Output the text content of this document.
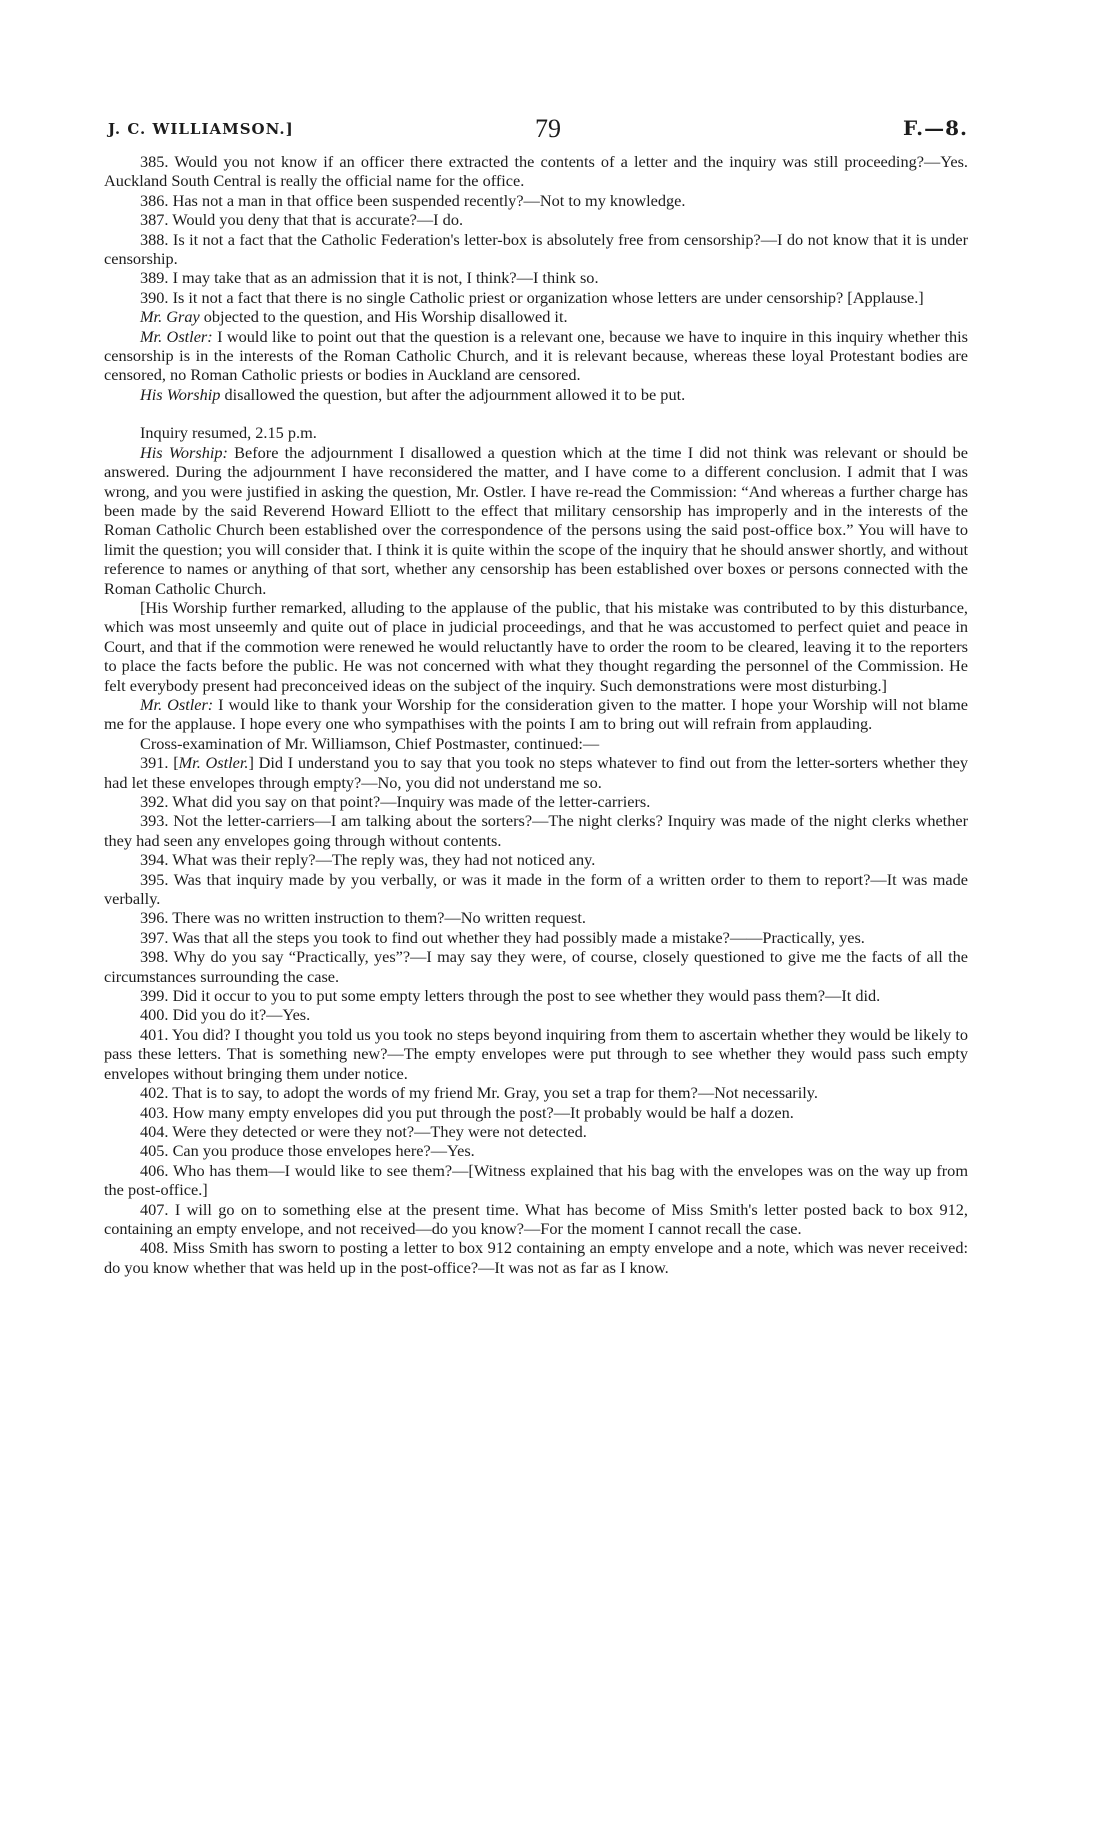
J. C. WILLIAMSON.]	79	F.—8.

385. Would you not know if an officer there extracted the contents of a letter and the inquiry was still proceeding?—Yes. Auckland South Central is really the official name for the office.

386. Has not a man in that office been suspended recently?—Not to my knowledge.

387. Would you deny that that is accurate?—I do.

388. Is it not a fact that the Catholic Federation's letter-box is absolutely free from censorship?—I do not know that it is under censorship.

389. I may take that as an admission that it is not, I think?—I think so.

390. Is it not a fact that there is no single Catholic priest or organization whose letters are under censorship? [Applause.]

Mr. Gray objected to the question, and His Worship disallowed it.

Mr. Ostler: I would like to point out that the question is a relevant one, because we have to inquire in this inquiry whether this censorship is in the interests of the Roman Catholic Church, and it is relevant because, whereas these loyal Protestant bodies are censored, no Roman Catholic priests or bodies in Auckland are censored.

His Worship disallowed the question, but after the adjournment allowed it to be put.

Inquiry resumed, 2.15 p.m.

His Worship: Before the adjournment I disallowed a question which at the time I did not think was relevant or should be answered. During the adjournment I have reconsidered the matter, and I have come to a different conclusion. I admit that I was wrong, and you were justified in asking the question, Mr. Ostler. I have re-read the Commission: “And whereas a further charge has been made by the said Reverend Howard Elliott to the effect that military censorship has improperly and in the interests of the Roman Catholic Church been established over the correspondence of the persons using the said post-office box.” You will have to limit the question; you will consider that. I think it is quite within the scope of the inquiry that he should answer shortly, and without reference to names or anything of that sort, whether any censorship has been established over boxes or persons connected with the Roman Catholic Church.

[His Worship further remarked, alluding to the applause of the public, that his mistake was contributed to by this disturbance, which was most unseemly and quite out of place in judicial proceedings, and that he was accustomed to perfect quiet and peace in Court, and that if the commotion were renewed he would reluctantly have to order the room to be cleared, leaving it to the reporters to place the facts before the public. He was not concerned with what they thought regarding the personnel of the Commission. He felt everybody present had preconceived ideas on the subject of the inquiry. Such demonstrations were most disturbing.]

Mr. Ostler: I would like to thank your Worship for the consideration given to the matter. I hope your Worship will not blame me for the applause. I hope every one who sympathises with the points I am to bring out will refrain from applauding.

Cross-examination of Mr. Williamson, Chief Postmaster, continued:—

391. [Mr. Ostler.] Did I understand you to say that you took no steps whatever to find out from the letter-sorters whether they had let these envelopes through empty?—No, you did not understand me so.

392. What did you say on that point?—Inquiry was made of the letter-carriers.

393. Not the letter-carriers—I am talking about the sorters?—The night clerks? Inquiry was made of the night clerks whether they had seen any envelopes going through without contents.

394. What was their reply?—The reply was, they had not noticed any.

395. Was that inquiry made by you verbally, or was it made in the form of a written order to them to report?—It was made verbally.

396. There was no written instruction to them?—No written request.

397. Was that all the steps you took to find out whether they had possibly made a mistake?——Practically, yes.

398. Why do you say “Practically, yes”?—I may say they were, of course, closely questioned to give me the facts of all the circumstances surrounding the case.

399. Did it occur to you to put some empty letters through the post to see whether they would pass them?—It did.

400. Did you do it?—Yes.

401. You did? I thought you told us you took no steps beyond inquiring from them to ascertain whether they would be likely to pass these letters. That is something new?—The empty envelopes were put through to see whether they would pass such empty envelopes without bringing them under notice.

402. That is to say, to adopt the words of my friend Mr. Gray, you set a trap for them?—Not necessarily.

403. How many empty envelopes did you put through the post?—It probably would be half a dozen.

404. Were they detected or were they not?—They were not detected.

405. Can you produce those envelopes here?—Yes.

406. Who has them—I would like to see them?—[Witness explained that his bag with the envelopes was on the way up from the post-office.]

407. I will go on to something else at the present time. What has become of Miss Smith's letter posted back to box 912, containing an empty envelope, and not received—do you know?—For the moment I cannot recall the case.

408. Miss Smith has sworn to posting a letter to box 912 containing an empty envelope and a note, which was never received: do you know whether that was held up in the post-office?—It was not as far as I know.
